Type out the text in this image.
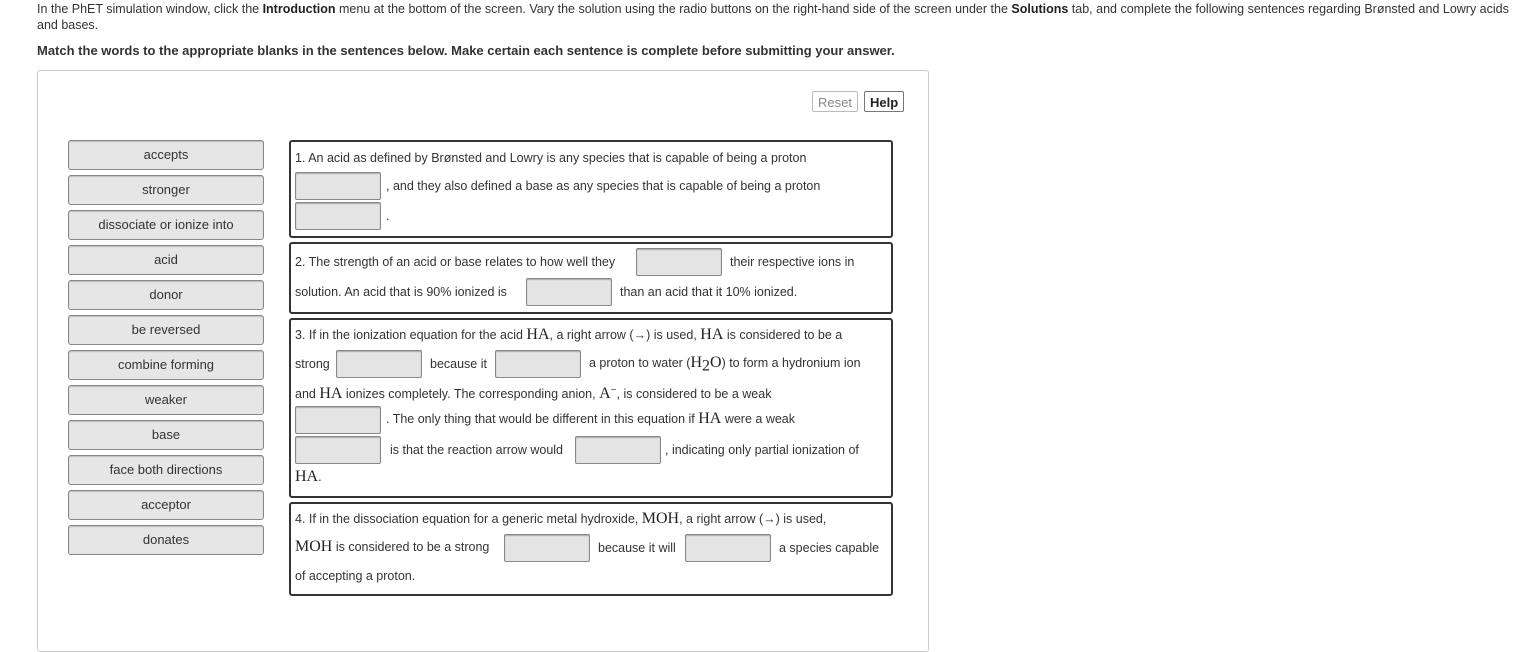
In the PhET simulation window, click the Introduction menu at the bottom of the screen. Vary the solution using the radio buttons on the right-hand side of the screen under the Solutions tab, and complete the following sentences regarding Brønsted and Lowry acids and bases.
Match the words to the appropriate blanks in the sentences below. Make certain each sentence is complete before submitting your answer.
Reset	Help
accepts
stronger
dissociate or ionize into
acid
donor
be reversed
combine forming
weaker
base
face both directions
acceptor
donates
1. An acid as defined by Brønsted and Lowry is any species that is capable of being a proton
, and they also defined a base as any species that is capable of being a proton
.
2. The strength of an acid or base relates to how well they	their respective ions in
solution. An acid that is 90% ionized is	than an acid that it 10% ionized.
3. If in the ionization equation for the acid HA, a right arrow (→) is used, HA is considered to be a
strong	because it	a proton to water $(H_2O)$ to form a hydronium ion
and HA ionizes completely. The corresponding anion, A−, is considered to be a weak
. The only thing that would be different in this equation if HA were a weak
is that the reaction arrow would	, indicating only partial ionization of
HA.
4. If in the dissociation equation for a generic metal hydroxide, MOH, a right arrow (→) is used,
MOH is considered to be a strong	because it will	a species capable
of accepting a proton.
